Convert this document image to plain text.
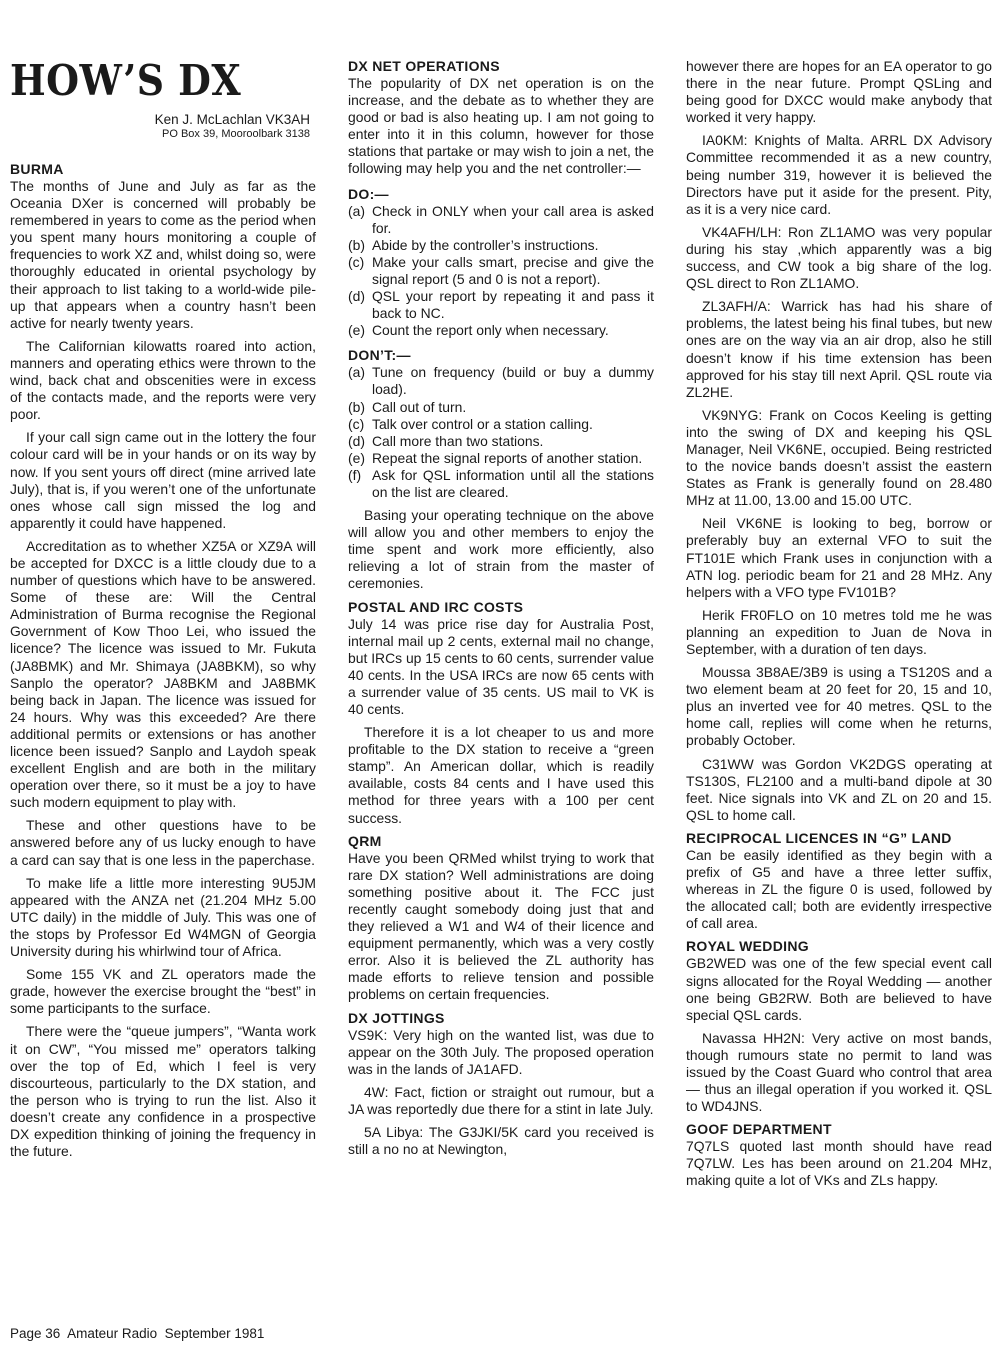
HOW’S DX
Ken J. McLachlan VK3AH
PO Box 39, Mooroolbark 3138
BURMA

The months of June and July as far as the Oceania DXer is concerned will probably be remembered in years to come as the period when you spent many hours monitoring a couple of frequencies to work XZ and, whilst doing so, were thoroughly educated in oriental psychology by their approach to list taking to a world-wide pile-up that appears when a country hasn’t been active for nearly twenty years.

The Californian kilowatts roared into action, manners and operating ethics were thrown to the wind, back chat and obscenities were in excess of the contacts made, and the reports were very poor.

If your call sign came out in the lottery the four colour card will be in your hands or on its way by now. If you sent yours off direct (mine arrived late July), that is, if you weren’t one of the unfortunate ones whose call sign missed the log and apparently it could have happened.

Accreditation as to whether XZ5A or XZ9A will be accepted for DXCC is a little cloudy due to a number of questions which have to be answered. Some of these are: Will the Central Administration of Burma recognise the Regional Government of Kow Thoo Lei, who issued the licence? The licence was issued to Mr. Fukuta (JA8BMK) and Mr. Shimaya (JA8BKM), so why Sanplo the operator? JA8BKM and JA8BMK being back in Japan. The licence was issued for 24 hours. Why was this exceeded? Are there additional permits or extensions or has another licence been issued? Sanplo and Laydoh speak excellent English and are both in the military operation over there, so it must be a joy to have such modern equipment to play with.

These and other questions have to be answered before any of us lucky enough to have a card can say that is one less in the paperchase.

To make life a little more interesting 9U5JM appeared with the ANZA net (21.204 MHz 5.00 UTC daily) in the middle of July. This was one of the stops by Professor Ed W4MGN of Georgia University during his whirlwind tour of Africa.

Some 155 VK and ZL operators made the grade, however the exercise brought the “best” in some participants to the surface.

There were the “queue jumpers”, “Wanta work it on CW”, “You missed me” operators talking over the top of Ed, which I feel is very discourteous, particularly to the DX station, and the person who is trying to run the list. Also it doesn’t create any confidence in a prospective DX expedition thinking of joining the frequency in the future.

DX NET OPERATIONS

The popularity of DX net operation is on the increase, and the debate as to whether they are good or bad is also heating up. I am not going to enter into it in this column, however for those stations that partake or may wish to join a net, the following may help you and the net controller:—

DO:—
(a) Check in ONLY when your call area is asked for.
(b) Abide by the controller’s instructions.
(c) Make your calls smart, precise and give the signal report (5 and 0 is not a report).
(d) QSL your report by repeating it and pass it back to NC.
(e) Count the report only when necessary.
DON’T:—
(a) Tune on frequency (build or buy a dummy load).
(b) Call out of turn.
(c) Talk over control or a station calling.
(d) Call more than two stations.
(e) Repeat the signal reports of another station.
(f) Ask for QSL information until all the stations on the list are cleared.

Basing your operating technique on the above will allow you and other members to enjoy the time spent and work more efficiently, also relieving a lot of strain from the master of ceremonies.

POSTAL AND IRC COSTS

July 14 was price rise day for Australia Post, internal mail up 2 cents, external mail no change, but IRCs up 15 cents to 60 cents, surrender value 40 cents. In the USA IRCs are now 65 cents with a surrender value of 35 cents. US mail to VK is 40 cents.

Therefore it is a lot cheaper to us and more profitable to the DX station to receive a “green stamp”. An American dollar, which is readily available, costs 84 cents and I have used this method for three years with a 100 per cent success.

QRM

Have you been QRMed whilst trying to work that rare DX station? Well administrations are doing something positive about it. The FCC just recently caught somebody doing just that and they relieved a W1 and W4 of their licence and equipment permanently, which was a very costly error. Also it is believed the ZL authority has made efforts to relieve tension and possible problems on certain frequencies.

DX JOTTINGS

VS9K: Very high on the wanted list, was due to appear on the 30th July. The proposed operation was in the lands of JA1AFD.

4W: Fact, fiction or straight out rumour, but a JA was reportedly due there for a stint in late July.

5A Libya: The G3JKI/5K card you received is still a no no at Newington,

however there are hopes for an EA operator to go there in the near future. Prompt QSLing and being good for DXCC would make anybody that worked it very happy.

IA0KM: Knights of Malta. ARRL DX Advisory Committee recommended it as a new country, being number 319, however it is believed the Directors have put it aside for the present. Pity, as it is a very nice card.

VK4AFH/LH: Ron ZL1AMO was very popular during his stay ,which apparently was a big success, and CW took a big share of the log. QSL direct to Ron ZL1AMO.

ZL3AFH/A: Warrick has had his share of problems, the latest being his final tubes, but new ones are on the way via an air drop, also he still doesn’t know if his time extension has been approved for his stay till next April. QSL route via ZL2HE.

VK9NYG: Frank on Cocos Keeling is getting into the swing of DX and keeping his QSL Manager, Neil VK6NE, occupied. Being restricted to the novice bands doesn’t assist the eastern States as Frank is generally found on 28.480 MHz at 11.00, 13.00 and 15.00 UTC.

Neil VK6NE is looking to beg, borrow or preferably buy an external VFO to suit the FT101E which Frank uses in conjunction with a ATN log. periodic beam for 21 and 28 MHz. Any helpers with a VFO type FV101B?

Herik FR0FLO on 10 metres told me he was planning an expedition to Juan de Nova in September, with a duration of ten days.

Moussa 3B8AE/3B9 is using a TS120S and a two element beam at 20 feet for 20, 15 and 10, plus an inverted vee for 40 metres. QSL to the home call, replies will come when he returns, probably October.

C31WW was Gordon VK2DGS operating at TS130S, FL2100 and a multi-band dipole at 30 feet. Nice signals into VK and ZL on 20 and 15. QSL to home call.

RECIPROCAL LICENCES IN “G” LAND

Can be easily identified as they begin with a prefix of G5 and have a three letter suffix, whereas in ZL the figure 0 is used, followed by the allocated call; both are evidently irrespective of call area.

ROYAL WEDDING

GB2WED was one of the few special event call signs allocated for the Royal Wedding — another one being GB2RW. Both are believed to have special QSL cards.

Navassa HH2N: Very active on most bands, though rumours state no permit to land was issued by the Coast Guard who control that area — thus an illegal operation if you worked it. QSL to WD4JNS.

GOOF DEPARTMENT

7Q7LS quoted last month should have read 7Q7LW. Les has been around on 21.204 MHz, making quite a lot of VKs and ZLs happy.

Page 36 Amateur Radio September 1981
